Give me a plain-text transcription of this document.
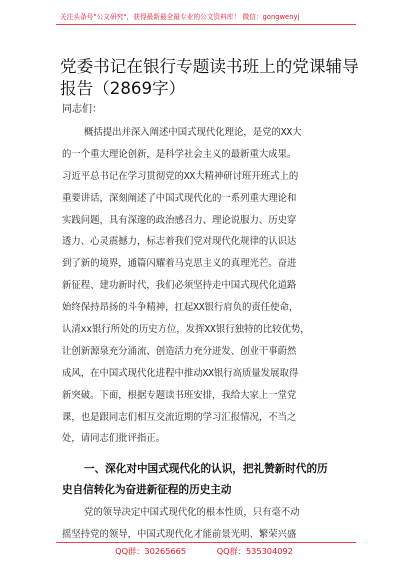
关注头条号"公文研究"，获得最新最全最专业的公文资料库！ 微信：gongwenyj
党委书记在银行专题读书班上的党课辅导
报告（2869字）
同志们：
概括提出并深入阐述中国式现代化理论，是党的XX大
的一个重大理论创新，是科学社会主义的最新重大成果。
习近平总书记在学习贯彻党的XX大精神研讨班开班式上的
重要讲话，深刻阐述了中国式现代化的一系列重大理论和
实践问题，具有深邃的政治感召力、理论说服力、历史穿
透力、心灵震撼力，标志着我们党对现代化规律的认识达
到了新的境界，通篇闪耀着马克思主义的真理光芒。奋进
新征程、建功新时代，我们必须坚持走中国式现代化道路
始终保持昂扬的斗争精神，扛起XX银行肩负的责任使命，
认清xx银行所处的历史方位，发挥XX银行独特的比较优势，
让创新源泉充分涌流、创造活力充分迸发、创业干事蔚然
成风，在中国式现代化进程中推动XX银行高质量发展取得
新突破。下面，根据专题读书班安排，我给大家上一堂党
课，也是跟同志们相互交流近期的学习汇报情况，不当之
处，请同志们批评指正。
一、深化对中国式现代化的认识，把礼赞新时代的历
史自信转化为奋进新征程的历史主动
党的领导决定中国式现代化的根本性质，只有毫不动
摇坚持党的领导，中国式现代化才能前景光明、繁荣兴盛
QQ群：30265665	QQ群：535304092
